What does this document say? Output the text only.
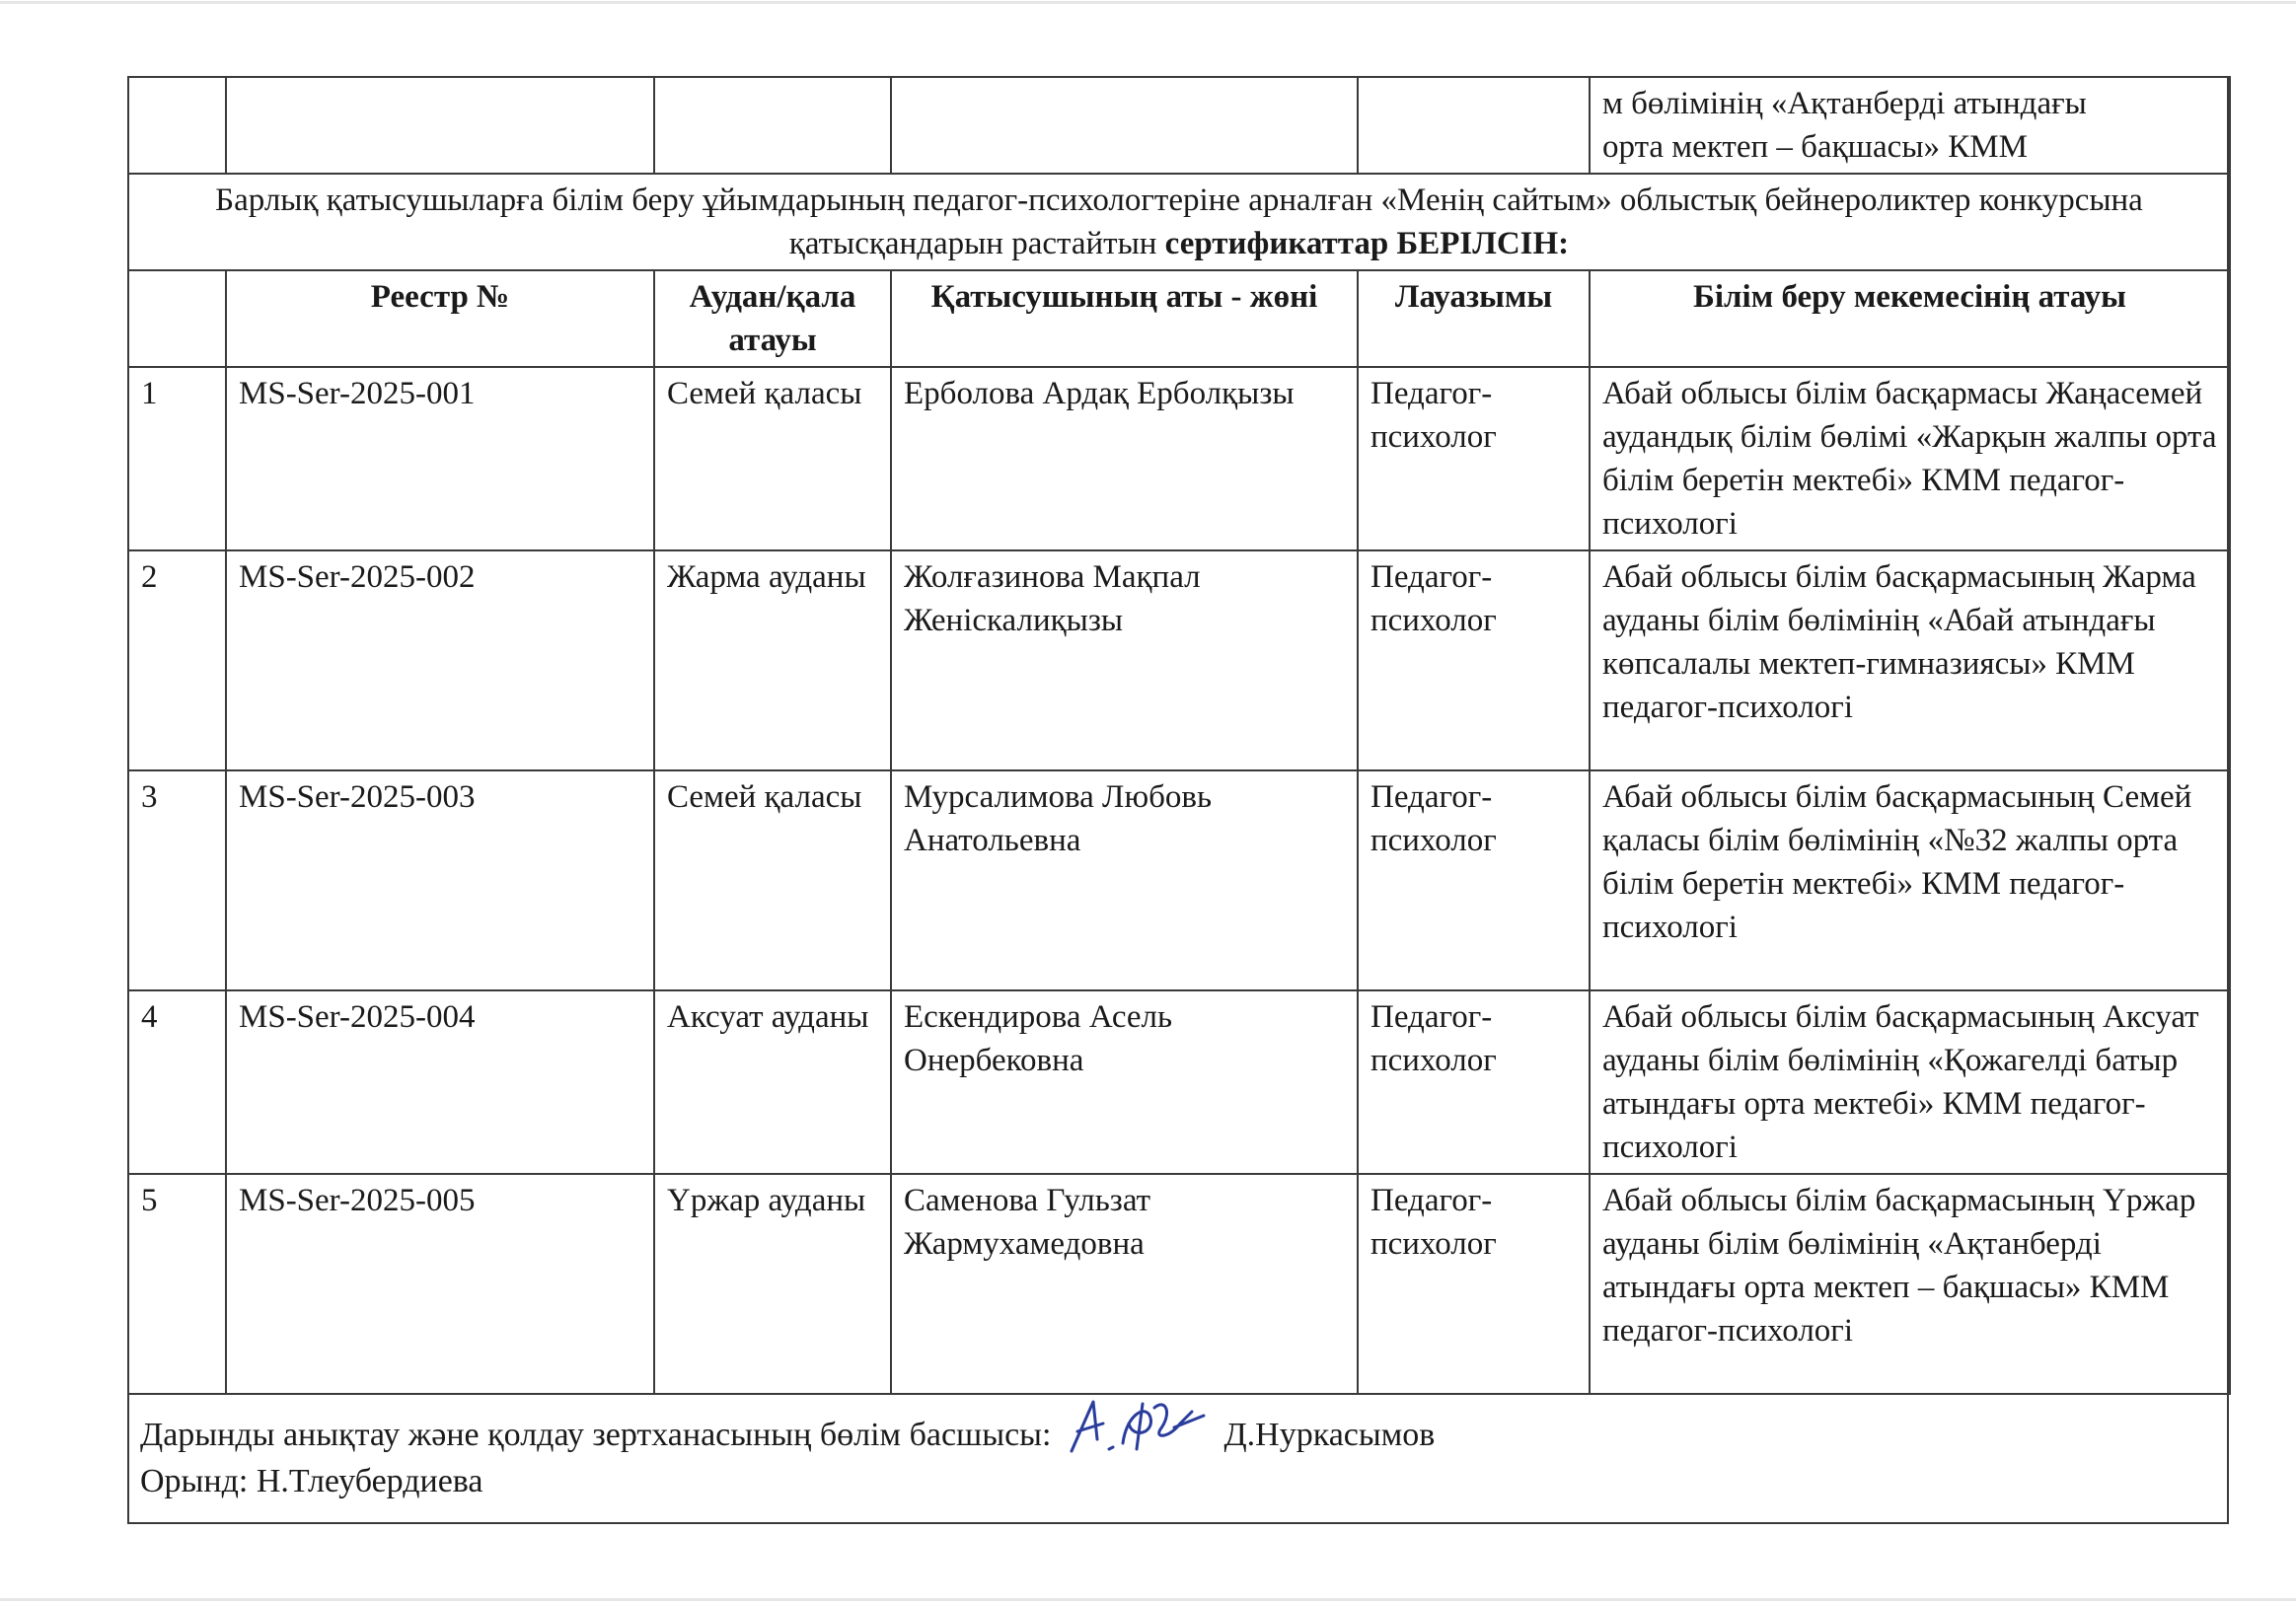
					м бөлімінің «Ақтанберді атындағы
орта мектеп – бақшасы» КММ

Барлық қатысушыларға білім беру ұйымдарының педагог-психологтеріне арналған «Менің сайтым» облыстық бейнероликтер конкурсына қатысқандарын растайтын сертификаттар БЕРІЛСІН:					
	Реестр №	Аудан/қала атауы	Қатысушының аты - жөні	Лауазымы	Білім беру мекемесінің атауы
1	MS-Ser-2025-001	Семей қаласы	Ерболова Ардақ Ерболқызы	Педагог-психолог	Абай облысы білім басқармасы Жаңасемей аудандық білім бөлімі «Жарқын жалпы орта білім беретін мектебі» КММ педагог-психологі
2	MS-Ser-2025-002	Жарма ауданы	Жолғазинова Мақпал Женіскалиқызы	Педагог-психолог	Абай облысы білім басқармасының Жарма ауданы білім бөлімінің «Абай атындағы көпсалалы мектеп-гимназиясы» КММ педагог-психологі
3	MS-Ser-2025-003	Семей қаласы	Мурсалимова Любовь Анатольевна	Педагог-психолог	Абай облысы білім басқармасының Семей қаласы білім бөлімінің «№32 жалпы орта білім беретін мектебі» КММ педагог-психологі
4	MS-Ser-2025-004	Аксуат ауданы	Ескендирова Асель Онербековна	Педагог-психолог	Абай облысы білім басқармасының Аксуат ауданы білім бөлімінің «Қожагелді батыр атындағы орта мектебі» КММ педагог-психологі
5	MS-Ser-2025-005	Үржар ауданы	Саменова Гульзат Жармухамедовна	Педагог-психолог	Абай облысы білім басқармасының Үржар ауданы білім бөлімінің «Ақтанберді атындағы орта мектеп – бақшасы» КММ педагог-психологі
Дарынды анықтау және қолдау зертханасының бөлім басшысы:	Д.Нуркасымов
Орынд: Н.Тлеубердиева
